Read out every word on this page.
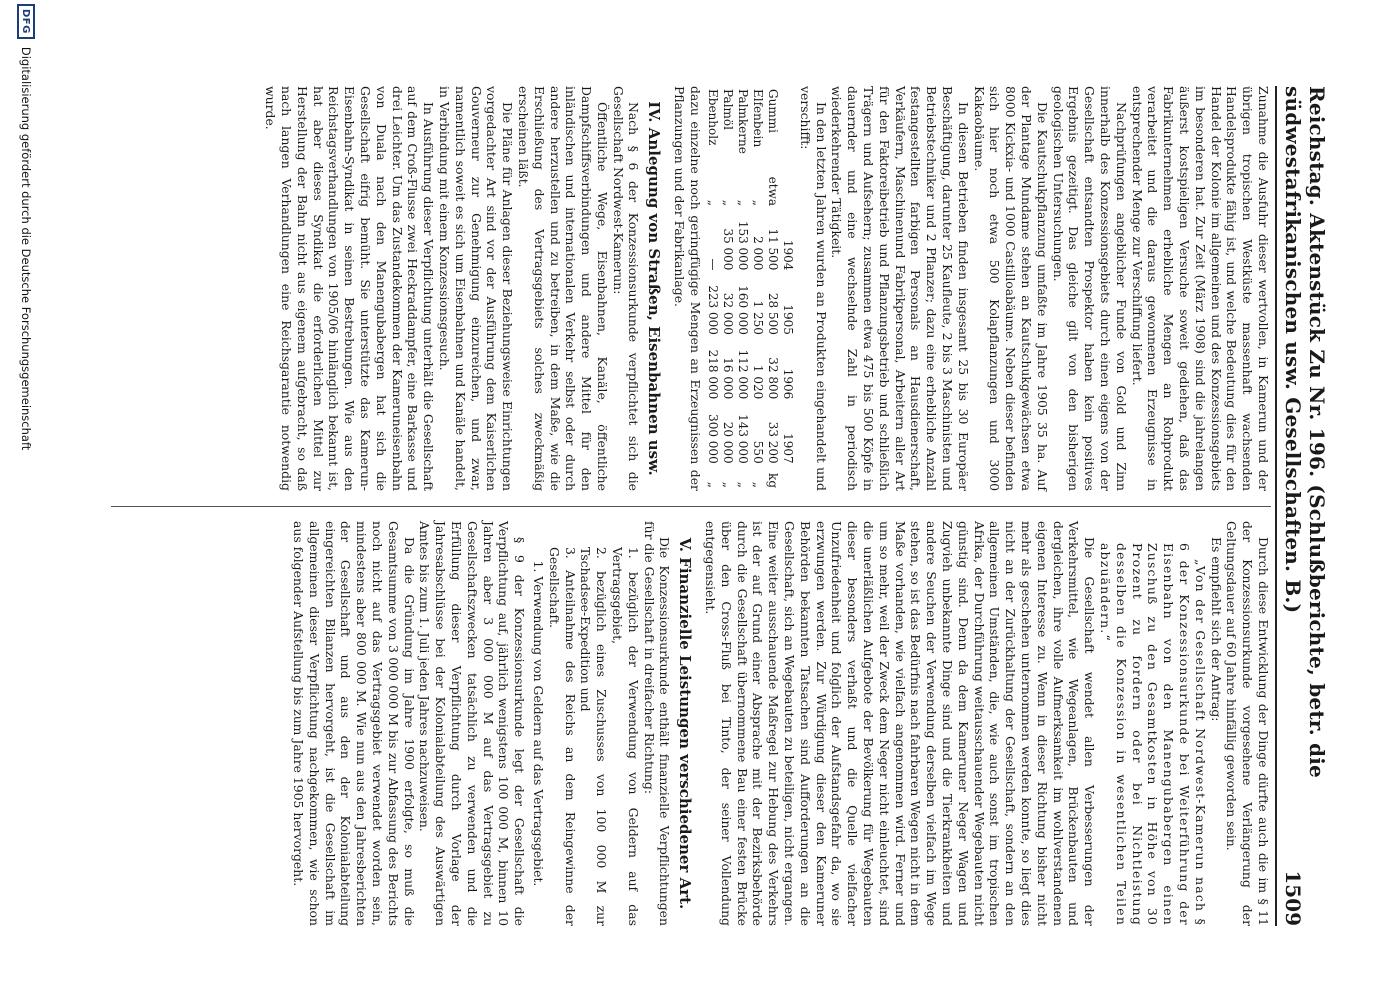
Reichstag. Aktenstück Zu Nr. 196. (Schlußberichte, betr. die südwestafrikanischen usw. Gesellschaften. B.)
1509

Zunahme die Ausfuhr dieser wertvollen, in Kamerun und der übrigen tropischen Westküste massenhaft wachsenden Handelsprodukte fähig ist, und welche Bedeutung dies für den Handel der Kolonie im allgemeinen und des Konzessionsgebiets im besonderen hat. Zur Zeit (März 1908) sind die jahrelangen äußerst kostspieligen Versuche soweit gediehen, daß das Fabrikunternehmen erhebliche Mengen an Rohprodukt verarbeitet und die daraus gewonnenen Erzeugnisse in entsprechender Menge zur Verschiffung liefert.

Nachprüfungen angeblicher Funde von Gold und Zinn innerhalb des Konzessionsgebiets durch einen eigens von der Gesellschaft entsandten Prospektor haben kein positives Ergebnis gezeitigt. Das gleiche gilt von den bisherigen geologischen Untersuchungen.

Die Kautschukpflanzung umfaßte im Jahre 1905 35 ha. Auf der Plantage Mundame stehen an Kautschukgewächsen etwa 8000 Kickxia- und 1000 Castilloabäume. Neben dieser befinden sich hier noch etwa 500 Kolapflanzungen und 3000 Kakaobäume.

In diesen Betrieben finden insgesamt 25 bis 30 Europäer Beschäftigung, darunter 25 Kaufleute, 2 bis 3 Maschinisten und Betriebstechniker und 2 Pflanzer; dazu eine erhebliche Anzahl festangestellten farbigen Personals an Hausdienerschaft, Verkäufern, Maschinenund Fabrikpersonal, Arbeitern aller Art für den Faktoreibetrieb und Pflanzungsbetrieb und schließlich Trägern und Aufsehern; zusammen etwa 475 bis 500 Köpfe in dauernder und eine wechselnde Zahl in periodisch wiederkehrender Tätigkeit.

In den letzten Jahren wurden an Produkten eingehandelt und verschifft:

		1904	1905	1906	1907	
Gummi	etwa	11 500	28 500	32 800	33 200	kg
Elfenbein	„	2 000	1 250	1 020	550	„
Palmkerne	„	153 000	160 000	112 000	143 000	„
Palmöl	„	35 000	32 000	16 000	20 000	„
Ebenholz	„	—	223 000	218 000	300 000	„

dazu einzelne noch geringfügige Mengen an Erzeugnissen der Pflanzungen und der Fabrikanlage.

IV. Anlegung von Straßen, Eisenbahnen usw.

Nach § 6 der Konzessionsurkunde verpflichtet sich die Gesellschaft Nordwest-Kamerun:

Öffentliche Wege, Eisenbahnen, Kanäle, öffentliche Dampfschiffsverbindungen und andere Mittel für den inländischen und internationalen Verkehr selbst oder durch andere herzustellen und zu betreiben, in dem Maße, wie die Erschließung des Vertragsgebiets solches zweckmäßig erscheinen läßt.

Die Pläne für Anlagen dieser Beziehungsweise Einrichtungen vorgedachter Art sind vor der Ausführung dem Kaiserlichen Gouverneur zur Genehmigung einzureichen, und zwar, namentlich soweit es sich um Eisenbahnen und Kanäle handelt, in Verbindung mit einem Konzessionsgesuch.

In Ausführung dieser Verpflichtung unterhält die Gesellschaft auf dem Croß-Flusse zwei Heckraddampfer, eine Barkasse und drei Leichter. Um das Zustandekommen der Kameruneisenbahn von Duala nach den Manengubabergen hat sich die Gesellschaft eifrig bemüht. Sie unterstützte das Kamerun-Eisenbahn-Syndikat in seinen Bestrebungen. Wie aus den Reichstagsverhandlungen von 1905/06 hinlänglich bekannt ist, hat aber dieses Syndikat die erforderlichen Mittel zur Herstellung der Bahn nicht aus eigenem aufgebracht, so daß nach langen Verhandlungen eine Reichsgarantie notwendig wurde.

Durch diese Entwicklung der Dinge dürfte auch die im § 11 der Konzessionsurkunde vorgesehene Verlängerung der Geltungsdauer auf 60 Jahre hinfällig geworden sein.

Es empfiehlt sich der Antrag:

„Von der Gesellschaft Nordwest-Kamerun nach § 6 der Konzessionsurkunde bei Weiterführung der Eisenbahn von den Manengubabergen einen Zuschuß zu den Gesamtkosten in Höhe von 30 Prozent zu fordern oder bei Nichtleistung desselben die Konzession in wesentlichen Teilen abzuändern.“

Die Gesellschaft wendet allen Verbesserungen der Verkehrsmittel, wie Wegeanlagen, Brückenbauten und dergleichen, ihre volle Aufmerksamkeit im wohlverstandenen eigenen Interesse zu. Wenn in dieser Richtung bisher nicht mehr als geschehen unternommen werden konnte, so liegt dies nicht an der Zurückhaltung der Gesellschaft, sondern an den allgemeinen Umständen, die, wie auch sonst im tropischen Afrika, der Durchführung weitausschauender Wegebauten nicht günstig sind. Denn da dem Kameruner Neger Wagen und Zugvieh unbekannte Dinge sind und die Tierkrankheiten und andere Seuchen der Verwendung derselben vielfach im Wege stehen, so ist das Bedürfnis nach fahrbaren Wegen nicht in dem Maße vorhanden, wie vielfach angenommen wird. Ferner und um so mehr, weil der Zweck dem Neger nicht einleuchtet, sind die unerläßlichen Aufgebote der Bevölkerung für Wegebauten dieser besonders verhaßt und die Quelle vielfacher Unzufriedenheit und folglich der Aufstandsgefahr da, wo sie erzwungen werden. Zur Würdigung dieser den Kameruner Behörden bekannten Tatsachen sind Aufforderungen an die Gesellschaft, sich an Wegebauten zu beteiligen, nicht ergangen. Eine weiter ausschauende Maßregel zur Hebung des Verkehrs ist der auf Grund einer Absprache mit der Bezirksbehörde durch die Gesellschaft übernommene Bau einer festen Brücke über den Cross-Fluß bei Tinto, der seiner Vollendung entgegensieht.

V. Finanzielle Leistungen verschiedener Art.

Die Konzessionsurkunde enthält finanzielle Verpflichtungen für die Gesellschaft in dreifacher Richtung:

1. bezüglich der Verwendung von Geldern auf das Vertragsgebiet,
2. bezüglich eines Zuschusses von 100 000 M zur Tschadsee-Expedition und
3. Anteilnahme des Reichs an dem Reingewinne der Gesellschaft.
1. Verwendung von Geldern auf das Vertragsgebiet.

§ 9 der Konzessionsurkunde legt der Gesellschaft die Verpflichtung auf, jährlich wenigstens 100 000 M, binnen 10 Jahren aber 3 000 000 M auf das Vertragsgebiet zu Gesellschaftszwecken tatsächlich zu verwenden und die Erfüllung dieser Verpflichtung durch Vorlage der Jahresabschlüsse bei der Kolonialabteilung des Auswärtigen Amtes bis zum 1. Juli jeden Jahres nachzuweisen.

Da die Gründung im Jahre 1900 erfolgte, so muß die Gesamtsumme von 3 000 000 M bis zur Abfassung des Berichts noch nicht auf das Vertragsgebiet verwendet worden sein, mindestens aber 800 000 M. Wie nun aus den Jahresberichten der Gesellschaft und aus den der Kolonialabteilung eingereichten Bilanzen hervorgeht, ist die Gesellschaft im allgemeinen dieser Verpflichtung nachgekommen, wie schon aus folgender Aufstellung bis zum Jahre 1905 hervorgeht.

DFG
Digitalisierung gefördert durch die Deutsche Forschungsgemeinschaft
